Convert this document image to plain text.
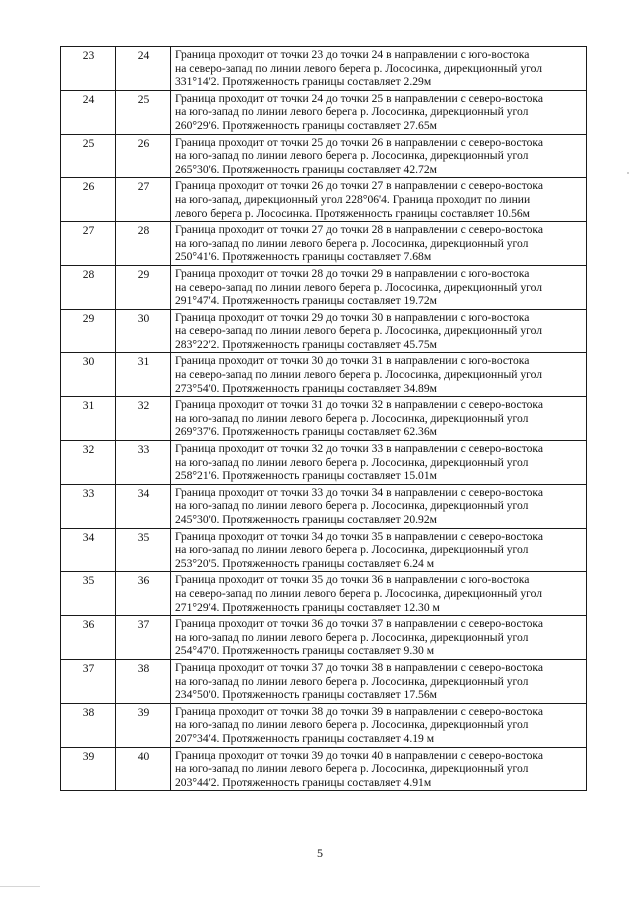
23	24	Граница проходит от точки 23 до точки 24 в направлении с юго-востока
на северо-запад по линии левого берега р. Лососинка, дирекционный угол
331°14'2. Протяженность границы составляет 2.29м

24	25	Граница проходит от точки 24 до точки 25 в направлении с северо-востока
на юго-запад по линии левого берега р. Лососинка, дирекционный угол
260°29'6. Протяженность границы составляет 27.65м

25	26	Граница проходит от точки 25 до точки 26 в направлении с северо-востока
на юго-запад по линии левого берега р. Лососинка, дирекционный угол
265°30'6. Протяженность границы составляет 42.72м

26	27	Граница проходит от точки 26 до точки 27 в направлении с северо-востока
на юго-запад, дирекционный угол 228°06'4. Граница проходит по линии
левого берега р. Лососинка. Протяженность границы составляет 10.56м

27	28	Граница проходит от точки 27 до точки 28 в направлении с северо-востока
на юго-запад по линии левого берега р. Лососинка, дирекционный угол
250°41'6. Протяженность границы составляет 7.68м

28	29	Граница проходит от точки 28 до точки 29 в направлении с юго-востока
на северо-запад по линии левого берега р. Лососинка, дирекционный угол
291°47'4. Протяженность границы составляет 19.72м

29	30	Граница проходит от точки 29 до точки 30 в направлении с юго-востока
на северо-запад по линии левого берега р. Лососинка, дирекционный угол
283°22'2. Протяженность границы составляет 45.75м

30	31	Граница проходит от точки 30 до точки 31 в направлении с юго-востока
на северо-запад по линии левого берега р. Лососинка, дирекционный угол
273°54'0. Протяженность границы составляет 34.89м

31	32	Граница проходит от точки 31 до точки 32 в направлении с северо-востока
на юго-запад по линии левого берега р. Лососинка, дирекционный угол
269°37'6. Протяженность границы составляет 62.36м

32	33	Граница проходит от точки 32 до точки 33 в направлении с северо-востока
на юго-запад по линии левого берега р. Лососинка, дирекционный угол
258°21'6. Протяженность границы составляет 15.01м

33	34	Граница проходит от точки 33 до точки 34 в направлении с северо-востока
на юго-запад по линии левого берега р. Лососинка, дирекционный угол
245°30'0. Протяженность границы составляет 20.92м

34	35	Граница проходит от точки 34 до точки 35 в направлении с северо-востока
на юго-запад по линии левого берега р. Лососинка, дирекционный угол
253°20'5. Протяженность границы составляет 6.24 м

35	36	Граница проходит от точки 35 до точки 36 в направлении с юго-востока
на северо-запад по линии левого берега р. Лососинка, дирекционный угол
271°29'4. Протяженность границы составляет 12.30 м

36	37	Граница проходит от точки 36 до точки 37 в направлении с северо-востока
на юго-запад по линии левого берега р. Лососинка, дирекционный угол
254°47'0. Протяженность границы составляет 9.30 м

37	38	Граница проходит от точки 37 до точки 38 в направлении с северо-востока
на юго-запад по линии левого берега р. Лососинка, дирекционный угол
234°50'0. Протяженность границы составляет 17.56м

38	39	Граница проходит от точки 38 до точки 39 в направлении с северо-востока
на юго-запад по линии левого берега р. Лососинка, дирекционный угол
207°34'4. Протяженность границы составляет 4.19 м

39	40	Граница проходит от точки 39 до точки 40 в направлении с северо-востока
на юго-запад по линии левого берега р. Лососинка, дирекционный угол
203°44'2. Протяженность границы составляет 4.91м
5
